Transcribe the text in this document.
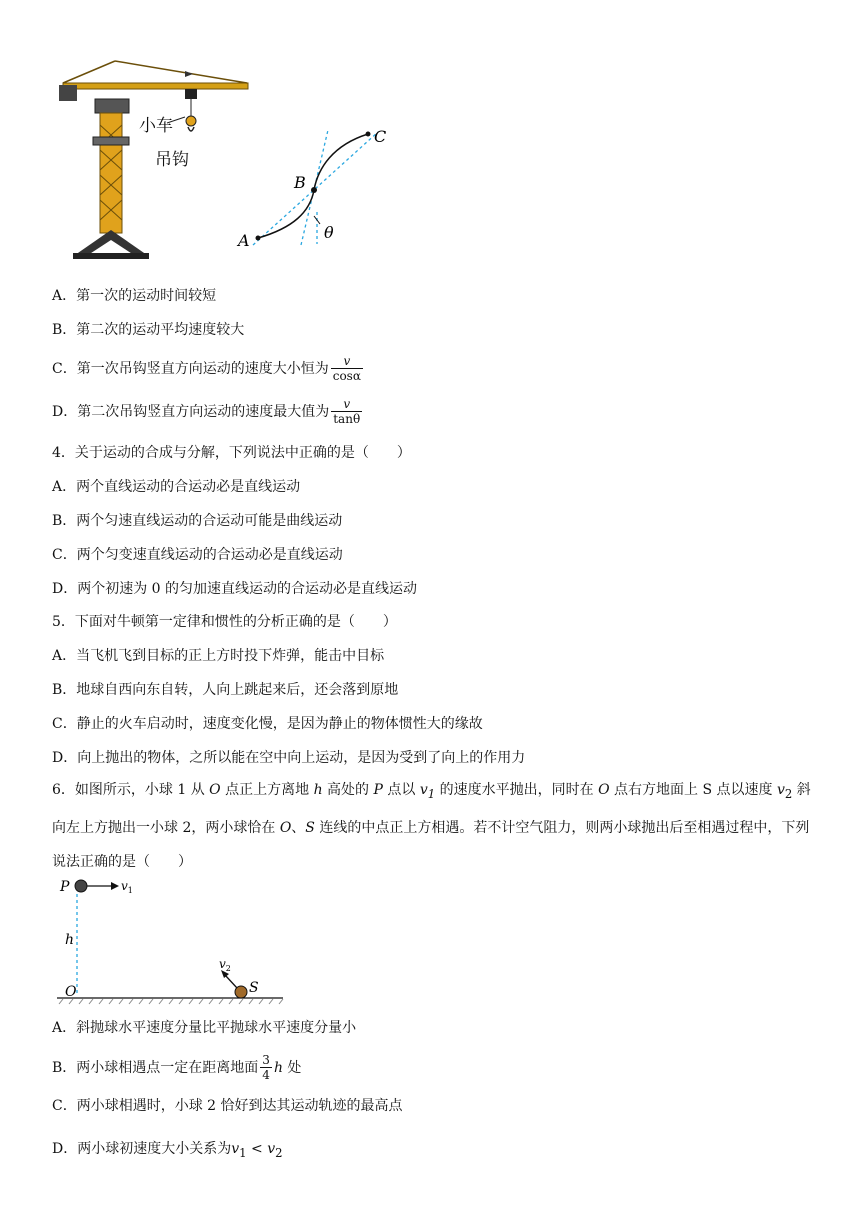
小车
吊钩
A
B
C
θ
A．第一次的运动时间较短
B．第二次的运动平均速度较大
C．第一次吊钩竖直方向运动的速度大小恒为 $\frac{v}{\cos\alpha}$
D．第二次吊钩竖直方向运动的速度最大值为 $\frac{v}{\tan\theta}$
4．关于运动的合成与分解，下列说法中正确的是（　　）
A．两个直线运动的合运动必是直线运动
B．两个匀速直线运动的合运动可能是曲线运动
C．两个匀变速直线运动的合运动必是直线运动
D．两个初速为 0 的匀加速直线运动的合运动必是直线运动
5．下面对牛顿第一定律和惯性的分析正确的是（　　）
A．当飞机飞到目标的正上方时投下炸弹，能击中目标
B．地球自西向东自转，人向上跳起来后，还会落到原地
C．静止的火车启动时，速度变化慢，是因为静止的物体惯性大的缘故
D．向上抛出的物体，之所以能在空中向上运动，是因为受到了向上的作用力
6．如图所示，小球 1 从 O 点正上方离地 h 高处的 P 点以 $v_1$ 的速度水平抛出，同时在 O 点右方地面上 S 点以速度 $v_2$ 斜向左上方抛出一小球 2，两小球恰在 O、S 连线的中点正上方相遇。若不计空气阻力，则两小球抛出后至相遇过程中，下列说法正确的是（　　）
P	$v_1$
h
O
$v_2$
S
A．斜抛球水平速度分量比平抛球水平速度分量小
B．两小球相遇点一定在距离地面 $\frac{3}{4}$ h 处
C．两小球相遇时，小球 2 恰好到达其运动轨迹的最高点
D．两小球初速度大小关系为$v_1 < v_2$
